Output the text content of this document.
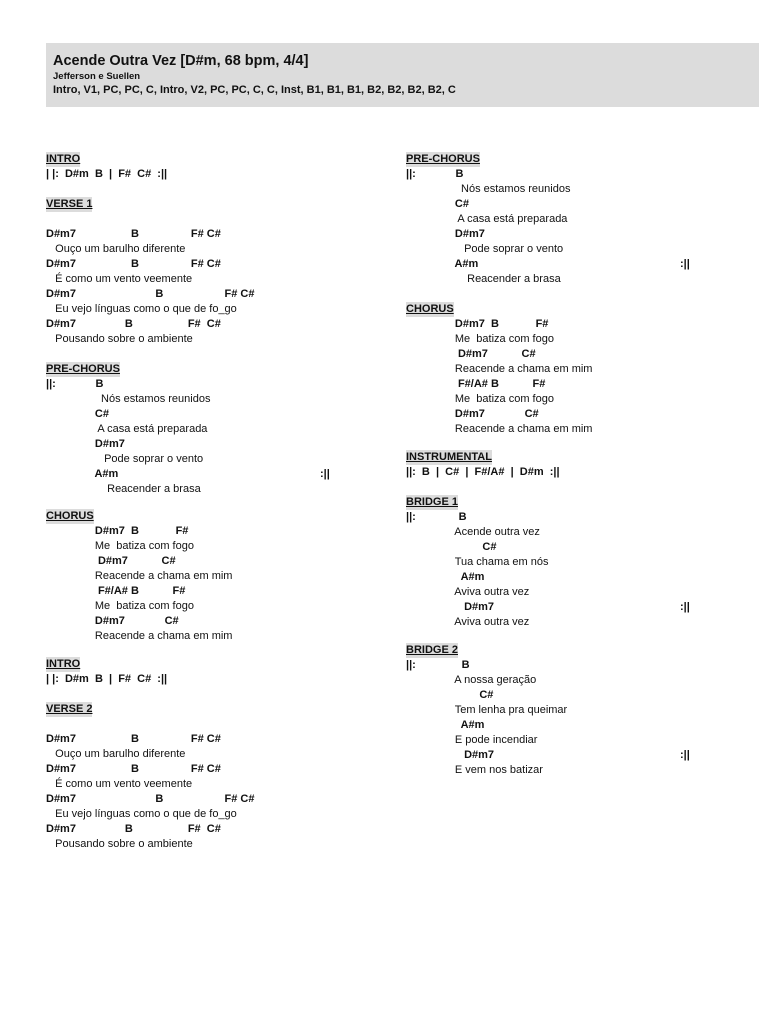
Acende Outra Vez [D#m, 68 bpm, 4/4]
Jefferson e Suellen
Intro, V1, PC, PC, C, Intro, V2, PC, PC, C, C, Inst, B1, B1, B1, B2, B2, B2, B2, C
INTRO
| |:  D#m  B  |  F#  C#  :||
VERSE 1
D#m7                  B                 F# C#
Ouço um barulho diferente
D#m7                  B                 F# C#
É como um vento veemente
D#m7                          B                    F# C#
Eu vejo línguas como o que de fo_go
D#m7                B                  F#  C#
Pousando sobre o ambiente
PRE-CHORUS
||:             B
Nós estamos reunidos
C#
A casa está preparada
D#m7
Pode soprar o vento
A#m
Reacender a brasa
CHORUS
D#m7  B            F#
Me  batiza com fogo
D#m7           C#
Reacende a chama em mim
F#/A# B           F#
Me  batiza com fogo
D#m7             C#
Reacende a chama em mim
INTRO
| |:  D#m  B  |  F#  C#  :||
VERSE 2
D#m7                  B                 F# C#
Ouço um barulho diferente
D#m7                  B                 F# C#
É como um vento veemente
D#m7                          B                    F# C#
Eu vejo línguas como o que de fo_go
D#m7                B                  F#  C#
Pousando sobre o ambiente
:||
PRE-CHORUS
||:             B
Nós estamos reunidos
C#
A casa está preparada
D#m7
Pode soprar o vento
A#m
Reacender a brasa
CHORUS
D#m7  B            F#
Me  batiza com fogo
D#m7           C#
Reacende a chama em mim
F#/A# B           F#
Me  batiza com fogo
D#m7             C#
Reacende a chama em mim
INSTRUMENTAL
||:  B  |  C#  |  F#/A#  |  D#m  :||
BRIDGE 1
||:              B
Acende outra vez
C#
Tua chama em nós
A#m
Aviva outra vez
D#m7
Aviva outra vez
BRIDGE 2
||:               B
A nossa geração
C#
Tem lenha pra queimar
A#m
E pode incendiar
D#m7
E vem nos batizar
:||
:||
:||
